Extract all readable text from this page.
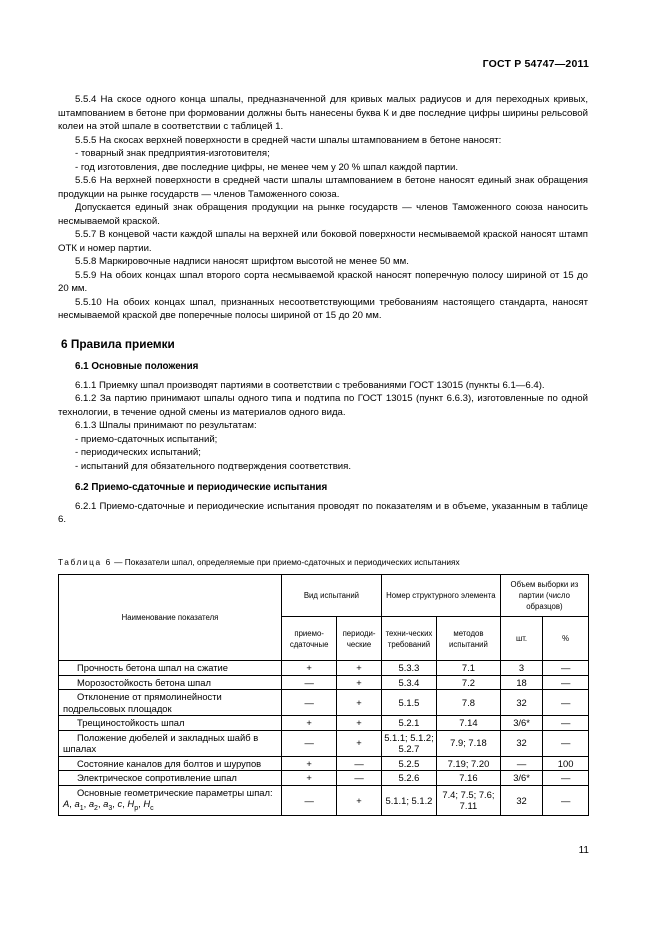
ГОСТ Р 54747—2011

5.5.4 На скосе одного конца шпалы, предназначенной для кривых малых радиусов и для переходных кривых, штампованием в бетоне при формовании должны быть нанесены буква К и две последние цифры ширины рельсовой колеи на этой шпале в соответствии с таблицей 1.

5.5.5 На скосах верхней поверхности в средней части шпалы штампованием в бетоне наносят:

- товарный знак предприятия-изготовителя;

- год изготовления, две последние цифры, не менее чем у 20 % шпал каждой партии.

5.5.6 На верхней поверхности в средней части шпалы штампованием в бетоне наносят единый знак обращения продукции на рынке государств — членов Таможенного союза.

Допускается единый знак обращения продукции на рынке государств — членов Таможенного союза наносить несмываемой краской.

5.5.7 В концевой части каждой шпалы на верхней или боковой поверхности несмываемой краской наносят штамп ОТК и номер партии.

5.5.8 Маркировочные надписи наносят шрифтом высотой не менее 50 мм.

5.5.9 На обоих концах шпал второго сорта несмываемой краской наносят поперечную полосу шириной от 15 до 20 мм.

5.5.10 На обоих концах шпал, признанных несоответствующими требованиям настоящего стандарта, наносят несмываемой краской две поперечные полосы шириной от 15 до 20 мм.

6 Правила приемки
6.1 Основные положения

6.1.1 Приемку шпал производят партиями в соответствии с требованиями ГОСТ 13015 (пункты 6.1—6.4).

6.1.2 За партию принимают шпалы одного типа и подтипа по ГОСТ 13015 (пункт 6.6.3), изготовленные по одной технологии, в течение одной смены из материалов одного вида.

6.1.3 Шпалы принимают по результатам:

- приемо-сдаточных испытаний;

- периодических испытаний;

- испытаний для обязательного подтверждения соответствия.

6.2 Приемо-сдаточные и периодические испытания

6.2.1 Приемо-сдаточные и периодические испытания проводят по показателям и в объеме, указанным в таблице 6.

Таблица 6 — Показатели шпал, определяемые при приемо-сдаточных и периодических испытаниях
Наименование показателя	Вид испытаний		Номер структурного элемента		Объем выборки из партии (число образцов)	
	приемо-сдаточные	периоди-ческие	техни-ческих требований	методов испытаний	шт.	%
Прочность бетона шпал на сжатие	+	+	5.3.3	7.1	3	—
Морозостойкость бетона шпал	—	+	5.3.4	7.2	18	—
Отклонение от прямолинейности подрельсовых площадок	—	+	5.1.5	7.8	32	—
Трещиностойкость шпал	+	+	5.2.1	7.14	3/6*	—
Положение дюбелей и закладных шайб в шпалах	—	+	5.1.1; 5.1.2; 5.2.7	7.9; 7.18	32	—
Состояние каналов для болтов и шурупов	+	—	5.2.5	7.19; 7.20	—	100
Электрическое сопротивление шпал	+	—	5.2.6	7.16	3/6*	—
Основные геометрические параметры шпал:
A, $a_1$, $a_2$, $a_3$, c, $H_р$, $H_с$	—	+	5.1.1; 5.1.2	7.4; 7.5; 7.6; 7.11	32	—
11
